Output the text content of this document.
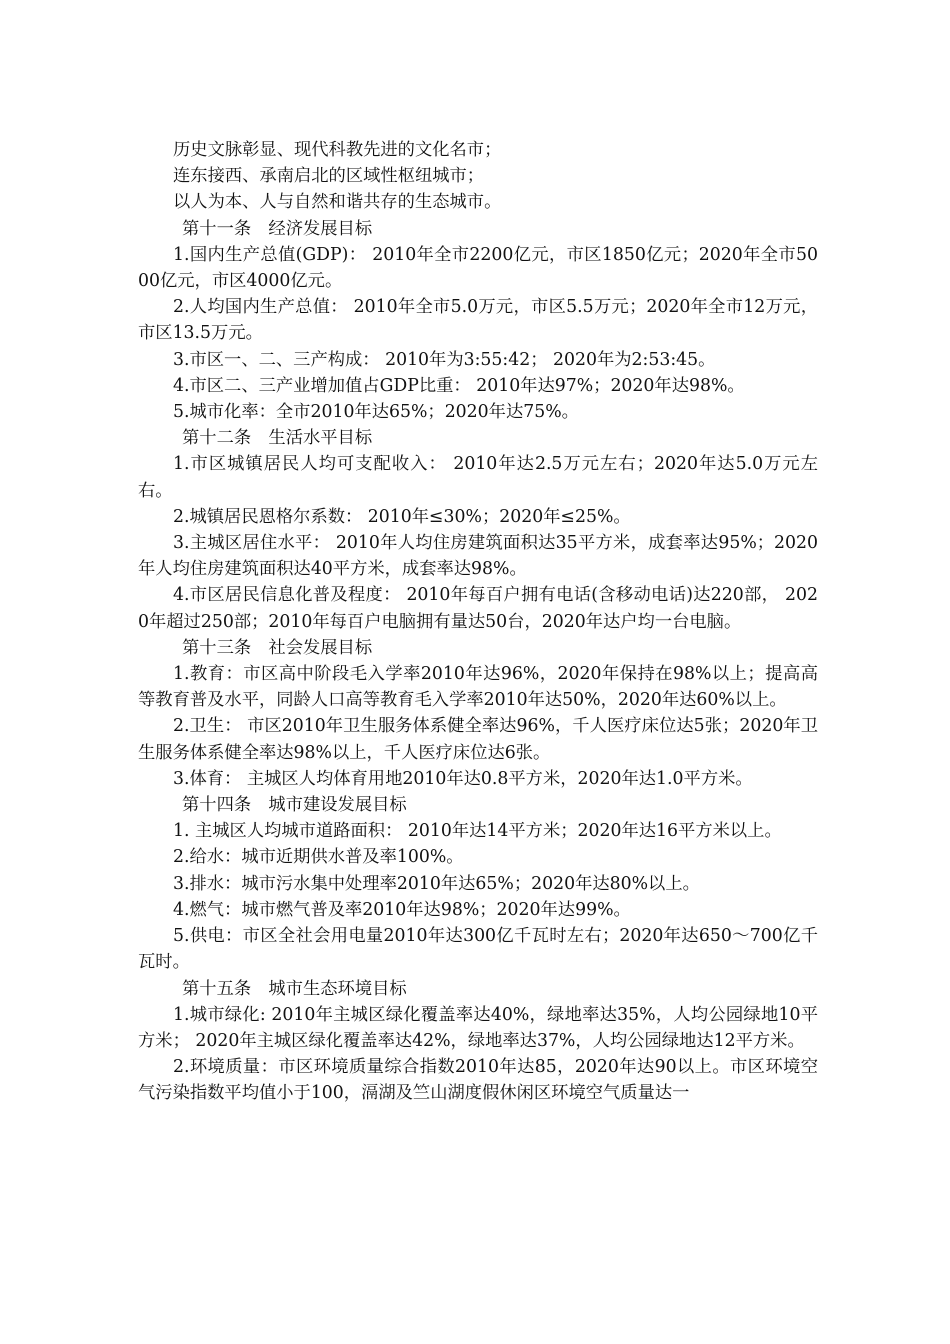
历史文脉彰显、现代科教先进的文化名市；

连东接西、承南启北的区域性枢纽城市；

以人为本、人与自然和谐共存的生态城市。

第十一条　经济发展目标

1.国内生产总值(GDP)： 2010年全市2200亿元，市区1850亿元；2020年全市5000亿元，市区4000亿元。

2.人均国内生产总值： 2010年全市5.0万元，市区5.5万元；2020年全市12万元，市区13.5万元。

3.市区一、二、三产构成： 2010年为3:55:42； 2020年为2:53:45。

4.市区二、三产业增加值占GDP比重： 2010年达97%；2020年达98%。

5.城市化率：全市2010年达65%；2020年达75%。

第十二条　生活水平目标

1.市区城镇居民人均可支配收入： 2010年达2.5万元左右；2020年达5.0万元左右。

2.城镇居民恩格尔系数： 2010年≤30%；2020年≤25%。

3.主城区居住水平： 2010年人均住房建筑面积达35平方米，成套率达95%；2020年人均住房建筑面积达40平方米，成套率达98%。

4.市区居民信息化普及程度： 2010年每百户拥有电话(含移动电话)达220部， 2020年超过250部；2010年每百户电脑拥有量达50台，2020年达户均一台电脑。

第十三条　社会发展目标

1.教育：市区高中阶段毛入学率2010年达96%，2020年保持在98%以上；提高高等教育普及水平，同龄人口高等教育毛入学率2010年达50%，2020年达60%以上。

2.卫生： 市区2010年卫生服务体系健全率达96%，千人医疗床位达5张；2020年卫生服务体系健全率达98%以上，千人医疗床位达6张。

3.体育： 主城区人均体育用地2010年达0.8平方米，2020年达1.0平方米。

第十四条　城市建设发展目标

1. 主城区人均城市道路面积： 2010年达14平方米；2020年达16平方米以上。

2.给水：城市近期供水普及率100%。

3.排水：城市污水集中处理率2010年达65%；2020年达80%以上。

4.燃气：城市燃气普及率2010年达98%；2020年达99%。

5.供电：市区全社会用电量2010年达300亿千瓦时左右；2020年达650～700亿千瓦时。

第十五条　城市生态环境目标

1.城市绿化: 2010年主城区绿化覆盖率达40%，绿地率达35%，人均公园绿地10平方米； 2020年主城区绿化覆盖率达42%，绿地率达37%，人均公园绿地达12平方米。

2.环境质量：市区环境质量综合指数2010年达85，2020年达90以上。市区环境空气污染指数平均值小于100，滆湖及竺山湖度假休闲区环境空气质量达一
